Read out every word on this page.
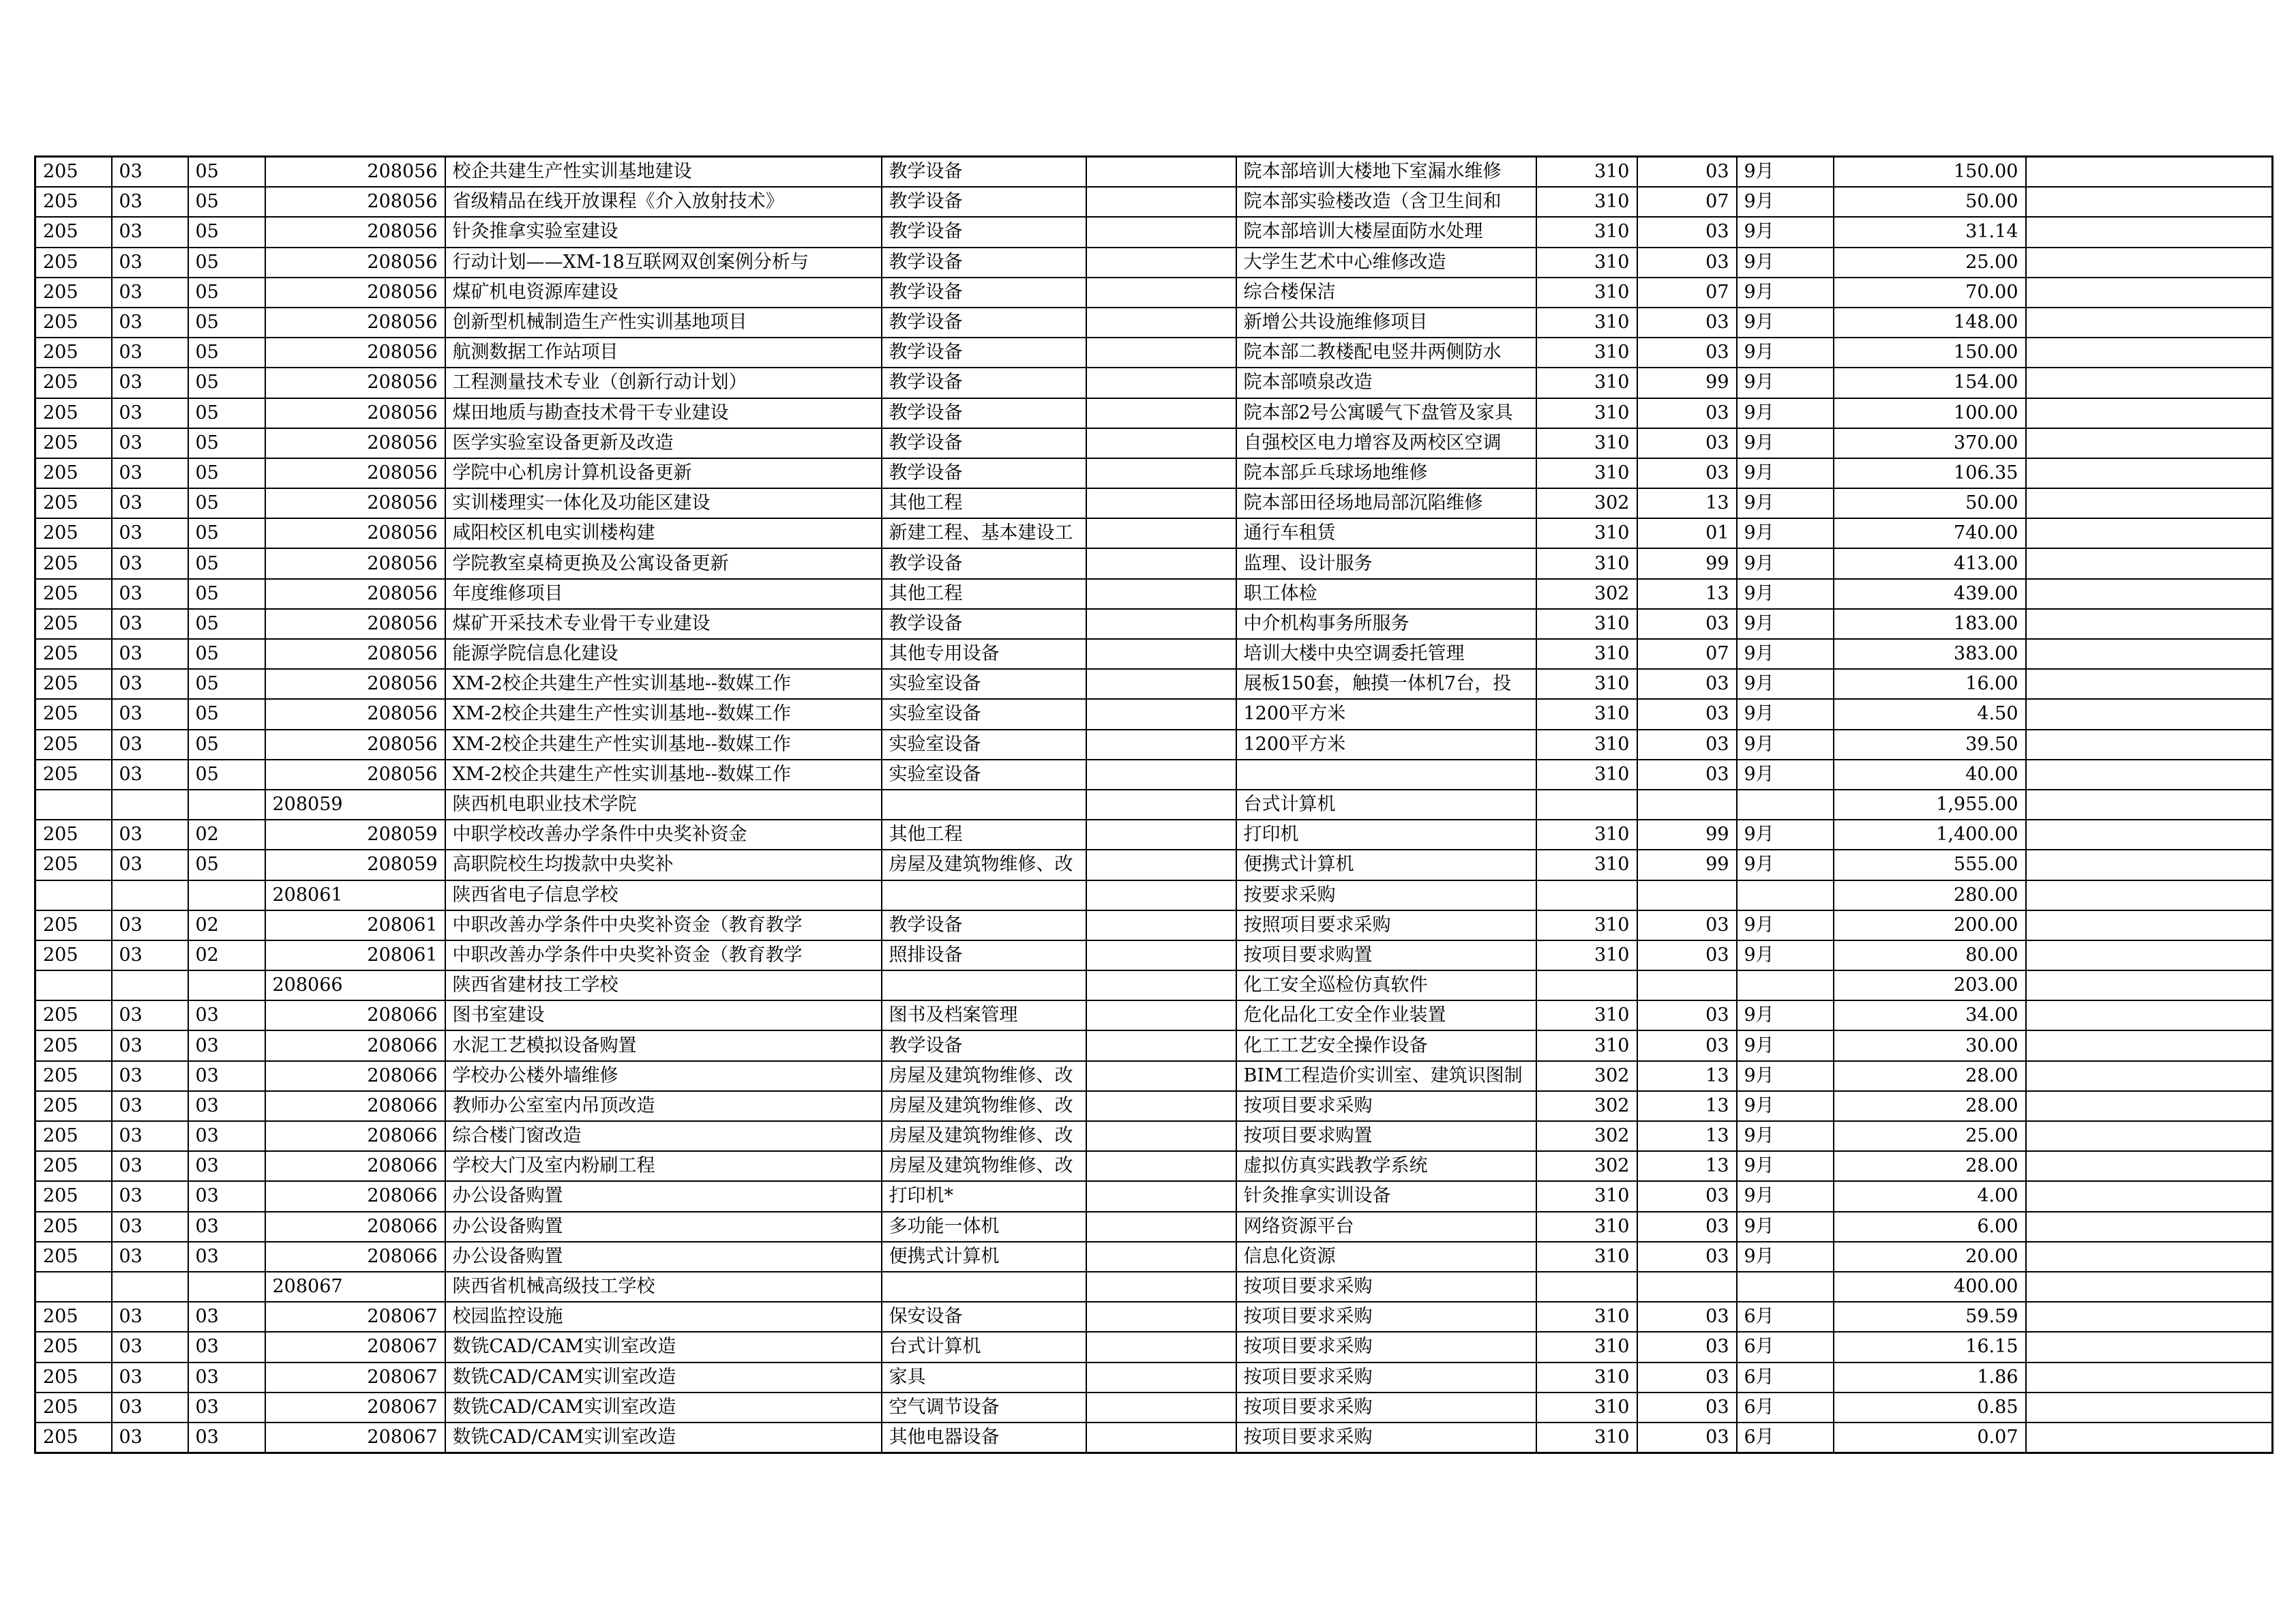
205	03	05	208056	校企共建生产性实训基地建设	教学设备		院本部培训大楼地下室漏水维修	310	03	9月	150.00	
205	03	05	208056	省级精品在线开放课程《介入放射技术》	教学设备		院本部实验楼改造（含卫生间和	310	07	9月	50.00	
205	03	05	208056	针灸推拿实验室建设	教学设备		院本部培训大楼屋面防水处理	310	03	9月	31.14	
205	03	05	208056	行动计划——XM-18互联网双创案例分析与	教学设备		大学生艺术中心维修改造	310	03	9月	25.00	
205	03	05	208056	煤矿机电资源库建设	教学设备		综合楼保洁	310	07	9月	70.00	
205	03	05	208056	创新型机械制造生产性实训基地项目	教学设备		新增公共设施维修项目	310	03	9月	148.00	
205	03	05	208056	航测数据工作站项目	教学设备		院本部二教楼配电竖井两侧防水	310	03	9月	150.00	
205	03	05	208056	工程测量技术专业（创新行动计划）	教学设备		院本部喷泉改造	310	99	9月	154.00	
205	03	05	208056	煤田地质与勘查技术骨干专业建设	教学设备		院本部2号公寓暖气下盘管及家具	310	03	9月	100.00	
205	03	05	208056	医学实验室设备更新及改造	教学设备		自强校区电力增容及两校区空调	310	03	9月	370.00	
205	03	05	208056	学院中心机房计算机设备更新	教学设备		院本部乒乓球场地维修	310	03	9月	106.35	
205	03	05	208056	实训楼理实一体化及功能区建设	其他工程		院本部田径场地局部沉陷维修	302	13	9月	50.00	
205	03	05	208056	咸阳校区机电实训楼构建	新建工程、基本建设工		通行车租赁	310	01	9月	740.00	
205	03	05	208056	学院教室桌椅更换及公寓设备更新	教学设备		监理、设计服务	310	99	9月	413.00	
205	03	05	208056	年度维修项目	其他工程		职工体检	302	13	9月	439.00	
205	03	05	208056	煤矿开采技术专业骨干专业建设	教学设备		中介机构事务所服务	310	03	9月	183.00	
205	03	05	208056	能源学院信息化建设	其他专用设备		培训大楼中央空调委托管理	310	07	9月	383.00	
205	03	05	208056	XM-2校企共建生产性实训基地--数媒工作	实验室设备		展板150套，触摸一体机7台，投	310	03	9月	16.00	
205	03	05	208056	XM-2校企共建生产性实训基地--数媒工作	实验室设备		1200平方米	310	03	9月	4.50	
205	03	05	208056	XM-2校企共建生产性实训基地--数媒工作	实验室设备		1200平方米	310	03	9月	39.50	
205	03	05	208056	XM-2校企共建生产性实训基地--数媒工作	实验室设备			310	03	9月	40.00	
			208059	陕西机电职业技术学院			台式计算机				1,955.00	
205	03	02	208059	中职学校改善办学条件中央奖补资金	其他工程		打印机	310	99	9月	1,400.00	
205	03	05	208059	高职院校生均拨款中央奖补	房屋及建筑物维修、改		便携式计算机	310	99	9月	555.00	
			208061	陕西省电子信息学校			按要求采购				280.00	
205	03	02	208061	中职改善办学条件中央奖补资金（教育教学	教学设备		按照项目要求采购	310	03	9月	200.00	
205	03	02	208061	中职改善办学条件中央奖补资金（教育教学	照排设备		按项目要求购置	310	03	9月	80.00	
			208066	陕西省建材技工学校			化工安全巡检仿真软件				203.00	
205	03	03	208066	图书室建设	图书及档案管理		危化品化工安全作业装置	310	03	9月	34.00	
205	03	03	208066	水泥工艺模拟设备购置	教学设备		化工工艺安全操作设备	310	03	9月	30.00	
205	03	03	208066	学校办公楼外墙维修	房屋及建筑物维修、改		BIM工程造价实训室、建筑识图制	302	13	9月	28.00	
205	03	03	208066	教师办公室室内吊顶改造	房屋及建筑物维修、改		按项目要求采购	302	13	9月	28.00	
205	03	03	208066	综合楼门窗改造	房屋及建筑物维修、改		按项目要求购置	302	13	9月	25.00	
205	03	03	208066	学校大门及室内粉刷工程	房屋及建筑物维修、改		虚拟仿真实践教学系统	302	13	9月	28.00	
205	03	03	208066	办公设备购置	打印机*		针灸推拿实训设备	310	03	9月	4.00	
205	03	03	208066	办公设备购置	多功能一体机		网络资源平台	310	03	9月	6.00	
205	03	03	208066	办公设备购置	便携式计算机		信息化资源	310	03	9月	20.00	
			208067	陕西省机械高级技工学校			按项目要求采购				400.00	
205	03	03	208067	校园监控设施	保安设备		按项目要求采购	310	03	6月	59.59	
205	03	03	208067	数铣CAD/CAM实训室改造	台式计算机		按项目要求采购	310	03	6月	16.15	
205	03	03	208067	数铣CAD/CAM实训室改造	家具		按项目要求采购	310	03	6月	1.86	
205	03	03	208067	数铣CAD/CAM实训室改造	空气调节设备		按项目要求采购	310	03	6月	0.85	
205	03	03	208067	数铣CAD/CAM实训室改造	其他电器设备		按项目要求采购	310	03	6月	0.07	
